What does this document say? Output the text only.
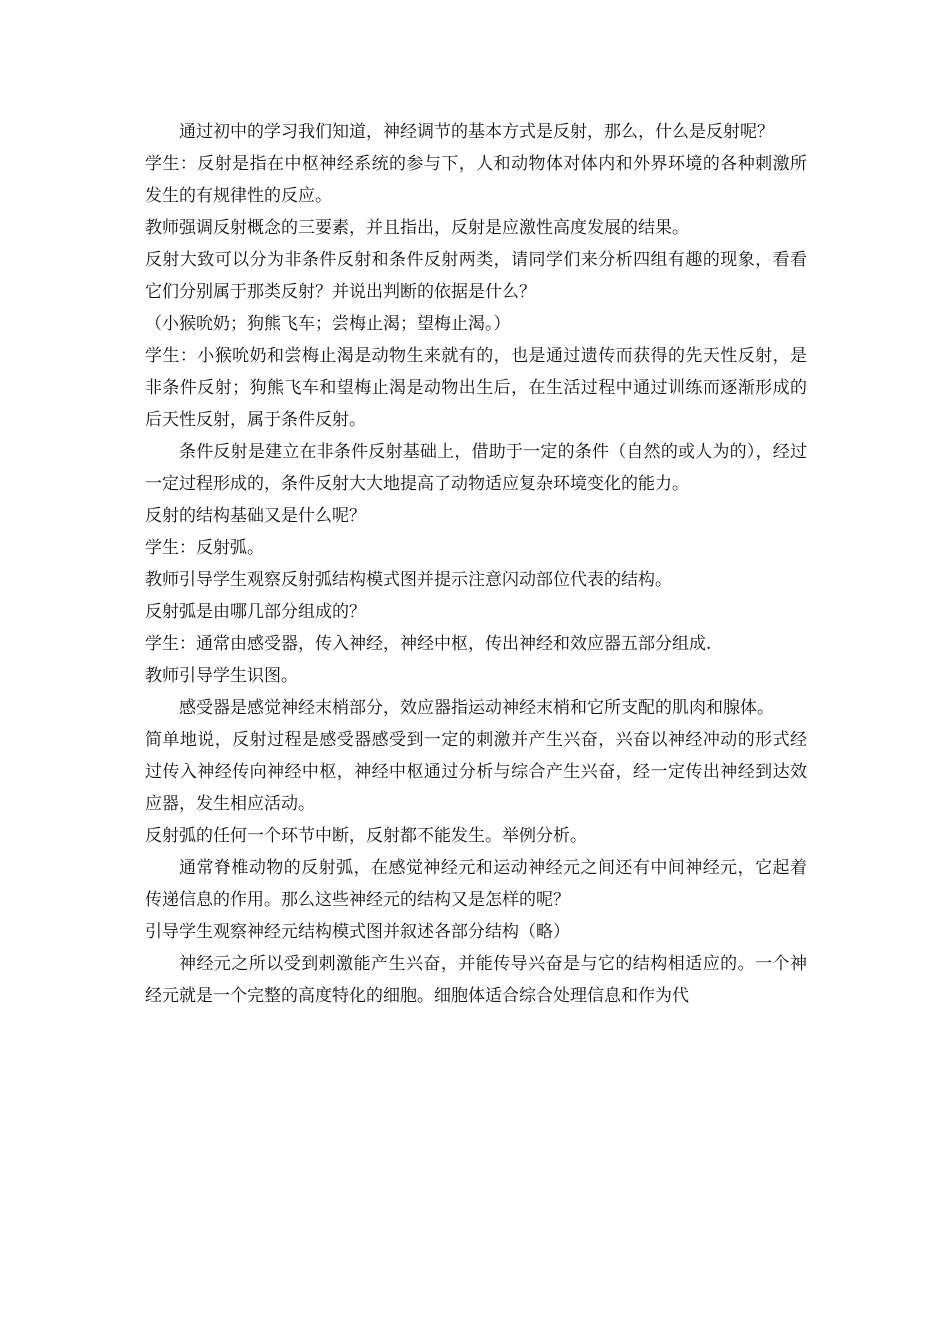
通过初中的学习我们知道，神经调节的基本方式是反射，那么，什么是反射呢？

学生：反射是指在中枢神经系统的参与下，人和动物体对体内和外界环境的各种刺激所发生的有规律性的反应。

教师强调反射概念的三要素，并且指出，反射是应激性高度发展的结果。

反射大致可以分为非条件反射和条件反射两类，请同学们来分析四组有趣的现象，看看它们分别属于那类反射？并说出判断的依据是什么？

（小猴吮奶；狗熊飞车；尝梅止渴；望梅止渴。）

学生：小猴吮奶和尝梅止渴是动物生来就有的，也是通过遗传而获得的先天性反射，是非条件反射；狗熊飞车和望梅止渴是动物出生后，在生活过程中通过训练而逐渐形成的后天性反射，属于条件反射。

条件反射是建立在非条件反射基础上，借助于一定的条件（自然的或人为的），经过一定过程形成的，条件反射大大地提高了动物适应复杂环境变化的能力。

反射的结构基础又是什么呢？

学生：反射弧。

教师引导学生观察反射弧结构模式图并提示注意闪动部位代表的结构。

反射弧是由哪几部分组成的？

学生：通常由感受器，传入神经，神经中枢，传出神经和效应器五部分组成.

教师引导学生识图。

感受器是感觉神经末梢部分，效应器指运动神经末梢和它所支配的肌肉和腺体。

简单地说，反射过程是感受器感受到一定的刺激并产生兴奋，兴奋以神经冲动的形式经过传入神经传向神经中枢，神经中枢通过分析与综合产生兴奋，经一定传出神经到达效应器，发生相应活动。

反射弧的任何一个环节中断，反射都不能发生。举例分析。

通常脊椎动物的反射弧，在感觉神经元和运动神经元之间还有中间神经元，它起着传递信息的作用。那么这些神经元的结构又是怎样的呢？

引导学生观察神经元结构模式图并叙述各部分结构（略）

神经元之所以受到刺激能产生兴奋，并能传导兴奋是与它的结构相适应的。一个神经元就是一个完整的高度特化的细胞。细胞体适合综合处理信息和作为代
